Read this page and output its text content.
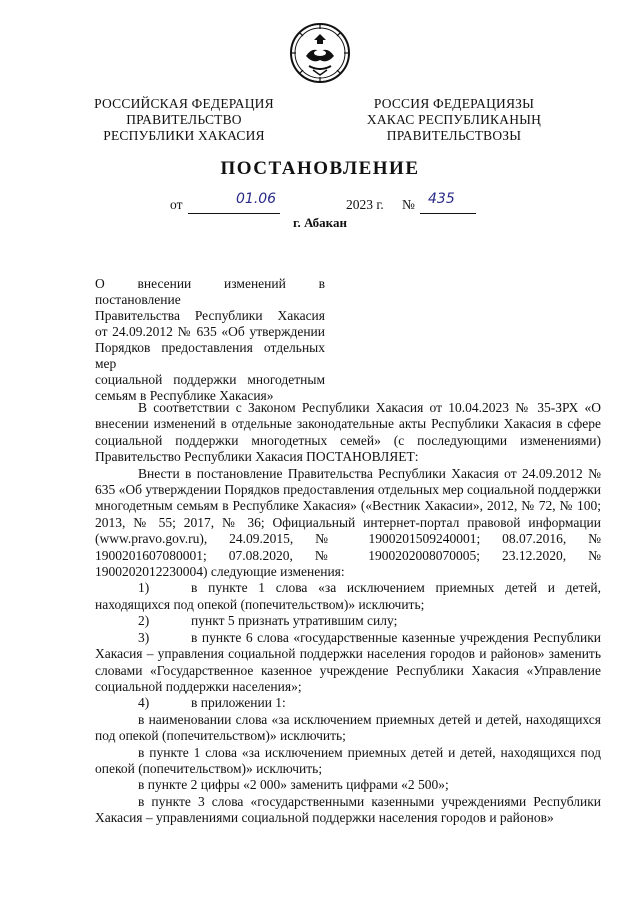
РОССИЙСКАЯ ФЕДЕРАЦИЯ
ПРАВИТЕЛЬСТВО
РЕСПУБЛИКИ ХАКАСИЯ
РОССИЯ ФЕДЕРАЦИЯЗЫ
ХАКАС РЕСПУБЛИКАНЫҢ
ПРАВИТЕЛЬСТВОЗЫ
ПОСТАНОВЛЕНИЕ
от	01.06	2023 г. № 435
г. Абакан
О внесении изменений в постановление
Правительства Республики Хакасия
от 24.09.2012 № 635 «Об утверждении
Порядков предоставления отдельных мер
социальной поддержки многодетным
семьям в Республике Хакасия»

В соответствии с Законом Республики Хакасия от 10.04.2023 № 35-ЗРХ «О внесении изменений в отдельные законодательные акты Республики Хакасия в сфере социальной поддержки многодетных семей» (с последующими изменениями) Правительство Республики Хакасия ПОСТАНОВЛЯЕТ:

Внести в постановление Правительства Республики Хакасия от 24.09.2012 № 635 «Об утверждении Порядков предоставления отдельных мер социальной поддержки многодетным семьям в Республике Хакасия» («Вестник Хакасии», 2012, № 72, № 100; 2013, № 55; 2017, № 36; Официальный интернет-портал правовой информации (www.pravo.gov.ru), 24.09.2015, № 1900201509240001; 08.07.2016, № 1900201607080001; 07.08.2020, № 1900202008070005; 23.12.2020, № 1900202012230004) следующие изменения:

1)	в пункте 1 слова «за исключением приемных детей и детей, находящихся под опекой (попечительством)» исключить;

2)	пункт 5 признать утратившим силу;

3)	в пункте 6 слова «государственные казенные учреждения Республики Хакасия – управления социальной поддержки населения городов и районов» заменить словами «Государственное казенное учреждение Республики Хакасия «Управление социальной поддержки населения»;

4)	в приложении 1:

в наименовании слова «за исключением приемных детей и детей, находящихся под опекой (попечительством)» исключить;

в пункте 1 слова «за исключением приемных детей и детей, находящихся под опекой (попечительством)» исключить;

в пункте 2 цифры «2 000» заменить цифрами «2 500»;

в пункте 3 слова «государственными казенными учреждениями Республики Хакасия – управлениями социальной поддержки населения городов и районов»
